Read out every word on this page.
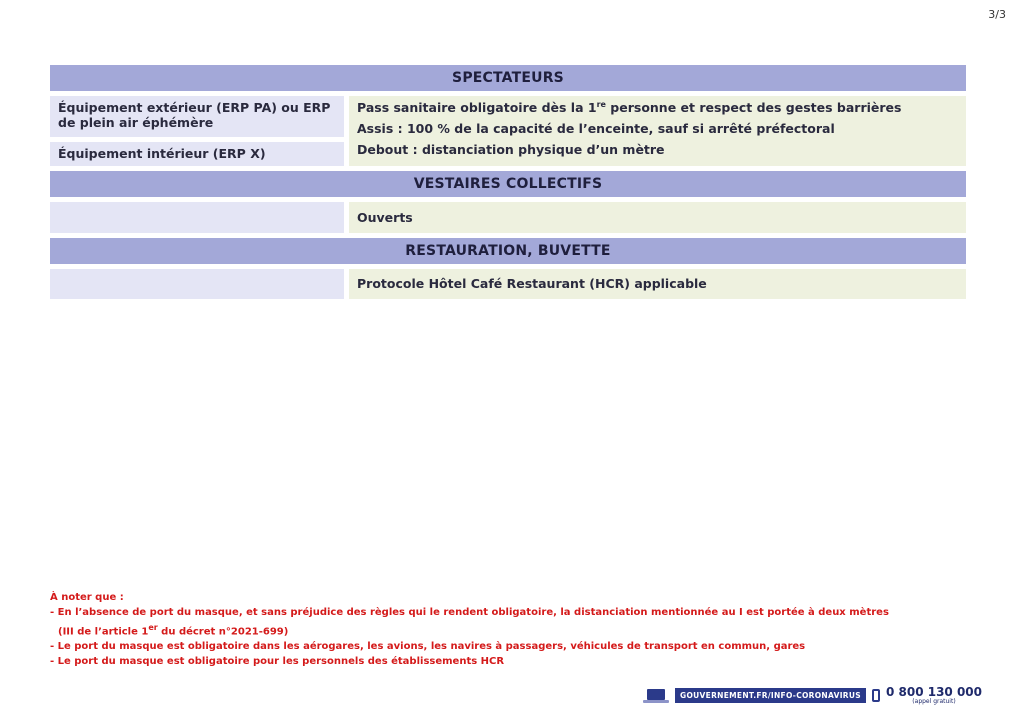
3/3
SPECTATEURS
Équipement extérieur (ERP PA) ou ERP de plein air éphémère
Équipement intérieur (ERP X)
Pass sanitaire obligatoire dès la 1re personne et respect des gestes barrières
Assis : 100 % de la capacité de l’enceinte, sauf si arrêté préfectoral
Debout : distanciation physique d’un mètre
VESTAIRES COLLECTIFS
Ouverts
RESTAURATION, BUVETTE
Protocole Hôtel Café Restaurant (HCR) applicable
À noter que :
- En l’absence de port du masque, et sans préjudice des règles qui le rendent obligatoire, la distanciation mentionnée au I est portée à deux mètres
(III de l’article 1er du décret n°2021-699)
- Le port du masque est obligatoire dans les aérogares, les avions, les navires à passagers, véhicules de transport en commun, gares
- Le port du masque est obligatoire pour les personnels des établissements HCR
GOUVERNEMENT.FR/INFO-CORONAVIRUS	0 800 130 000
(appel gratuit)
